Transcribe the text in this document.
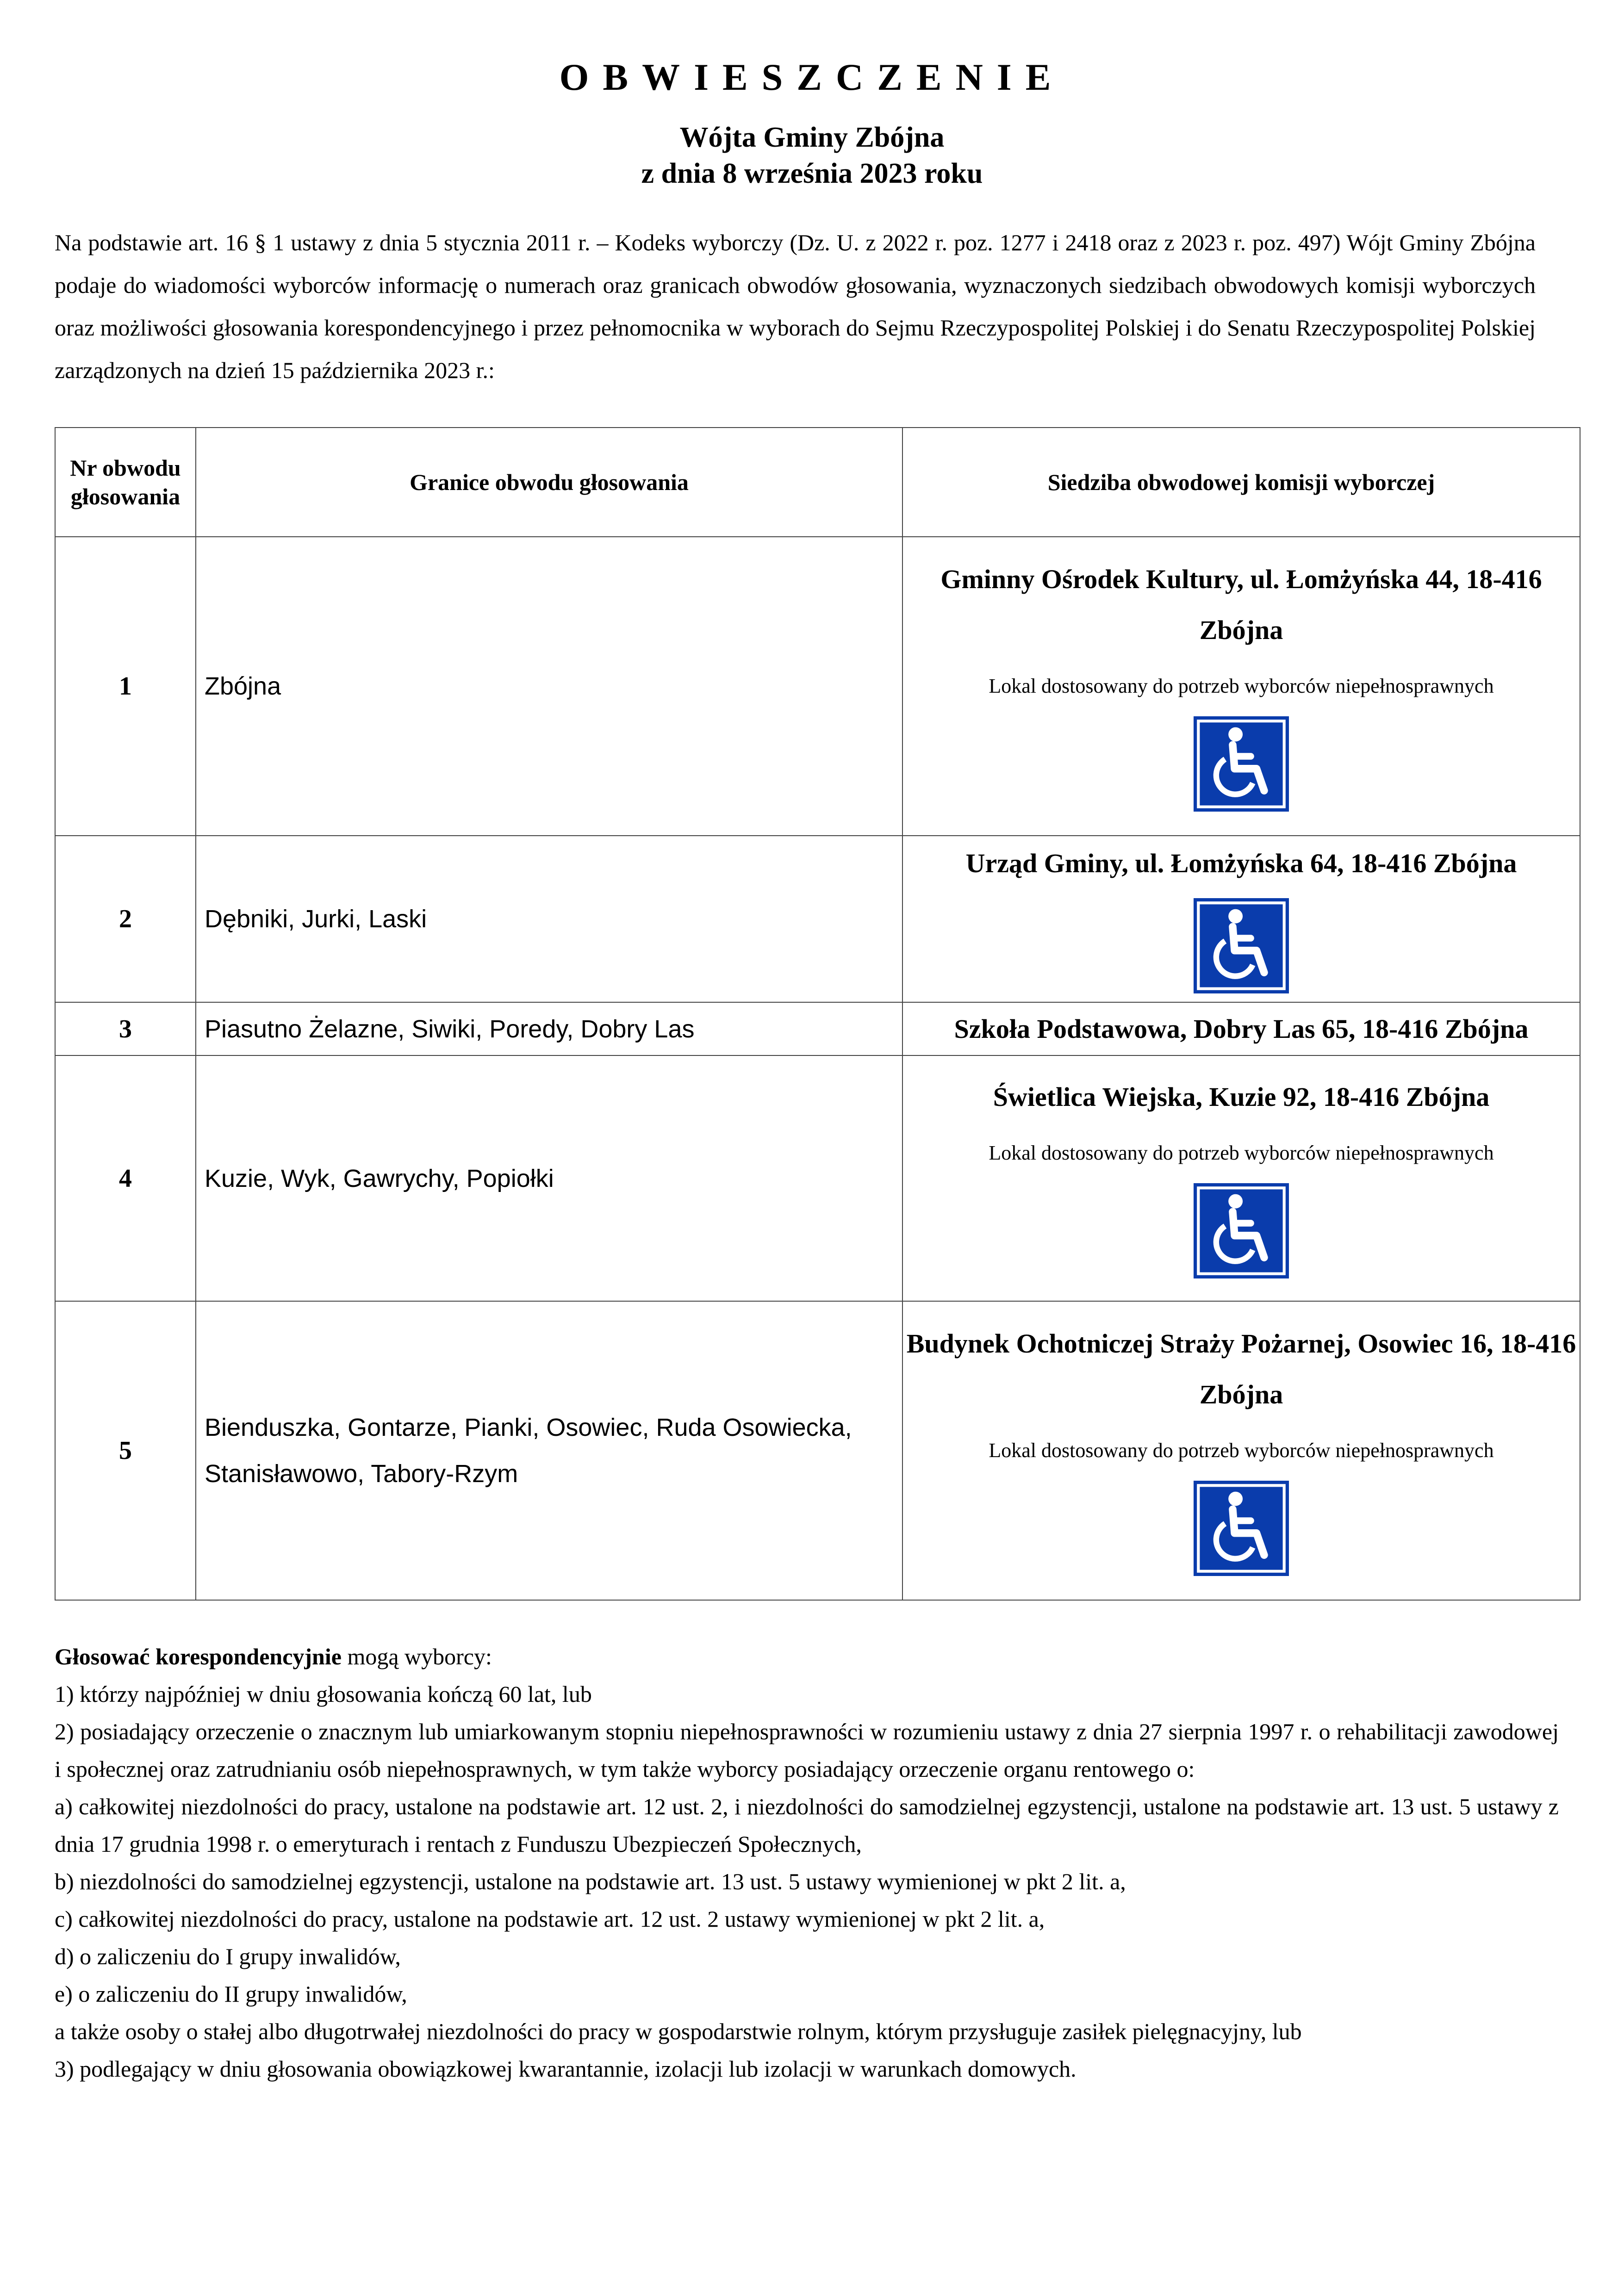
OBWIESZCZENIE
Wójta Gminy Zbójna
z dnia 8 września 2023 roku
Na podstawie art. 16 § 1 ustawy z dnia 5 stycznia 2011 r. – Kodeks wyborczy (Dz. U. z 2022 r. poz. 1277 i 2418 oraz z 2023 r. poz. 497) Wójt Gminy Zbójna podaje do wiadomości wyborców informację o numerach oraz granicach obwodów głosowania, wyznaczonych siedzibach obwodowych komisji wyborczych oraz możliwości głosowania korespondencyjnego i przez pełnomocnika w wyborach do Sejmu Rzeczypospolitej Polskiej i do Senatu Rzeczypospolitej Polskiej zarządzonych na dzień 15 października 2023 r.:
Nr obwodu głosowania	Granice obwodu głosowania	Siedziba obwodowej komisji wyborczej
1	Zbójna	Gminny Ośrodek Kultury, ul. Łomżyńska 44, 18-416 Zbójna
Lokal dostosowany do potrzeb wyborców niepełnosprawnych

2	Dębniki, Jurki, Laski	Urząd Gminy, ul. Łomżyńska 64, 18-416 Zbójna

3	Piasutno Żelazne, Siwiki, Poredy, Dobry Las	Szkoła Podstawowa, Dobry Las 65, 18-416 Zbójna

4	Kuzie, Wyk, Gawrychy, Popiołki	Świetlica Wiejska, Kuzie 92, 18-416 Zbójna
Lokal dostosowany do potrzeb wyborców niepełnosprawnych

5	Bienduszka, Gontarze, Pianki, Osowiec, Ruda Osowiecka, Stanisławowo, Tabory-Rzym	Budynek Ochotniczej Straży Pożarnej, Osowiec 16, 18-416 Zbójna
Lokal dostosowany do potrzeb wyborców niepełnosprawnych

Głosować korespondencyjnie mogą wyborcy:

1) którzy najpóźniej w dniu głosowania kończą 60 lat, lub

2) posiadający orzeczenie o znacznym lub umiarkowanym stopniu niepełnosprawności w rozumieniu ustawy z dnia 27 sierpnia 1997 r. o rehabilitacji zawodowej i społecznej oraz zatrudnianiu osób niepełnosprawnych, w tym także wyborcy posiadający orzeczenie organu rentowego o:

a) całkowitej niezdolności do pracy, ustalone na podstawie art. 12 ust. 2, i niezdolności do samodzielnej egzystencji, ustalone na podstawie art. 13 ust. 5 ustawy z dnia 17 grudnia 1998 r. o emeryturach i rentach z Funduszu Ubezpieczeń Społecznych,

b) niezdolności do samodzielnej egzystencji, ustalone na podstawie art. 13 ust. 5 ustawy wymienionej w pkt 2 lit. a,

c) całkowitej niezdolności do pracy, ustalone na podstawie art. 12 ust. 2 ustawy wymienionej w pkt 2 lit. a,

d) o zaliczeniu do I grupy inwalidów,

e) o zaliczeniu do II grupy inwalidów,

a także osoby o stałej albo długotrwałej niezdolności do pracy w gospodarstwie rolnym, którym przysługuje zasiłek pielęgnacyjny, lub

3) podlegający w dniu głosowania obowiązkowej kwarantannie, izolacji lub izolacji w warunkach domowych.
